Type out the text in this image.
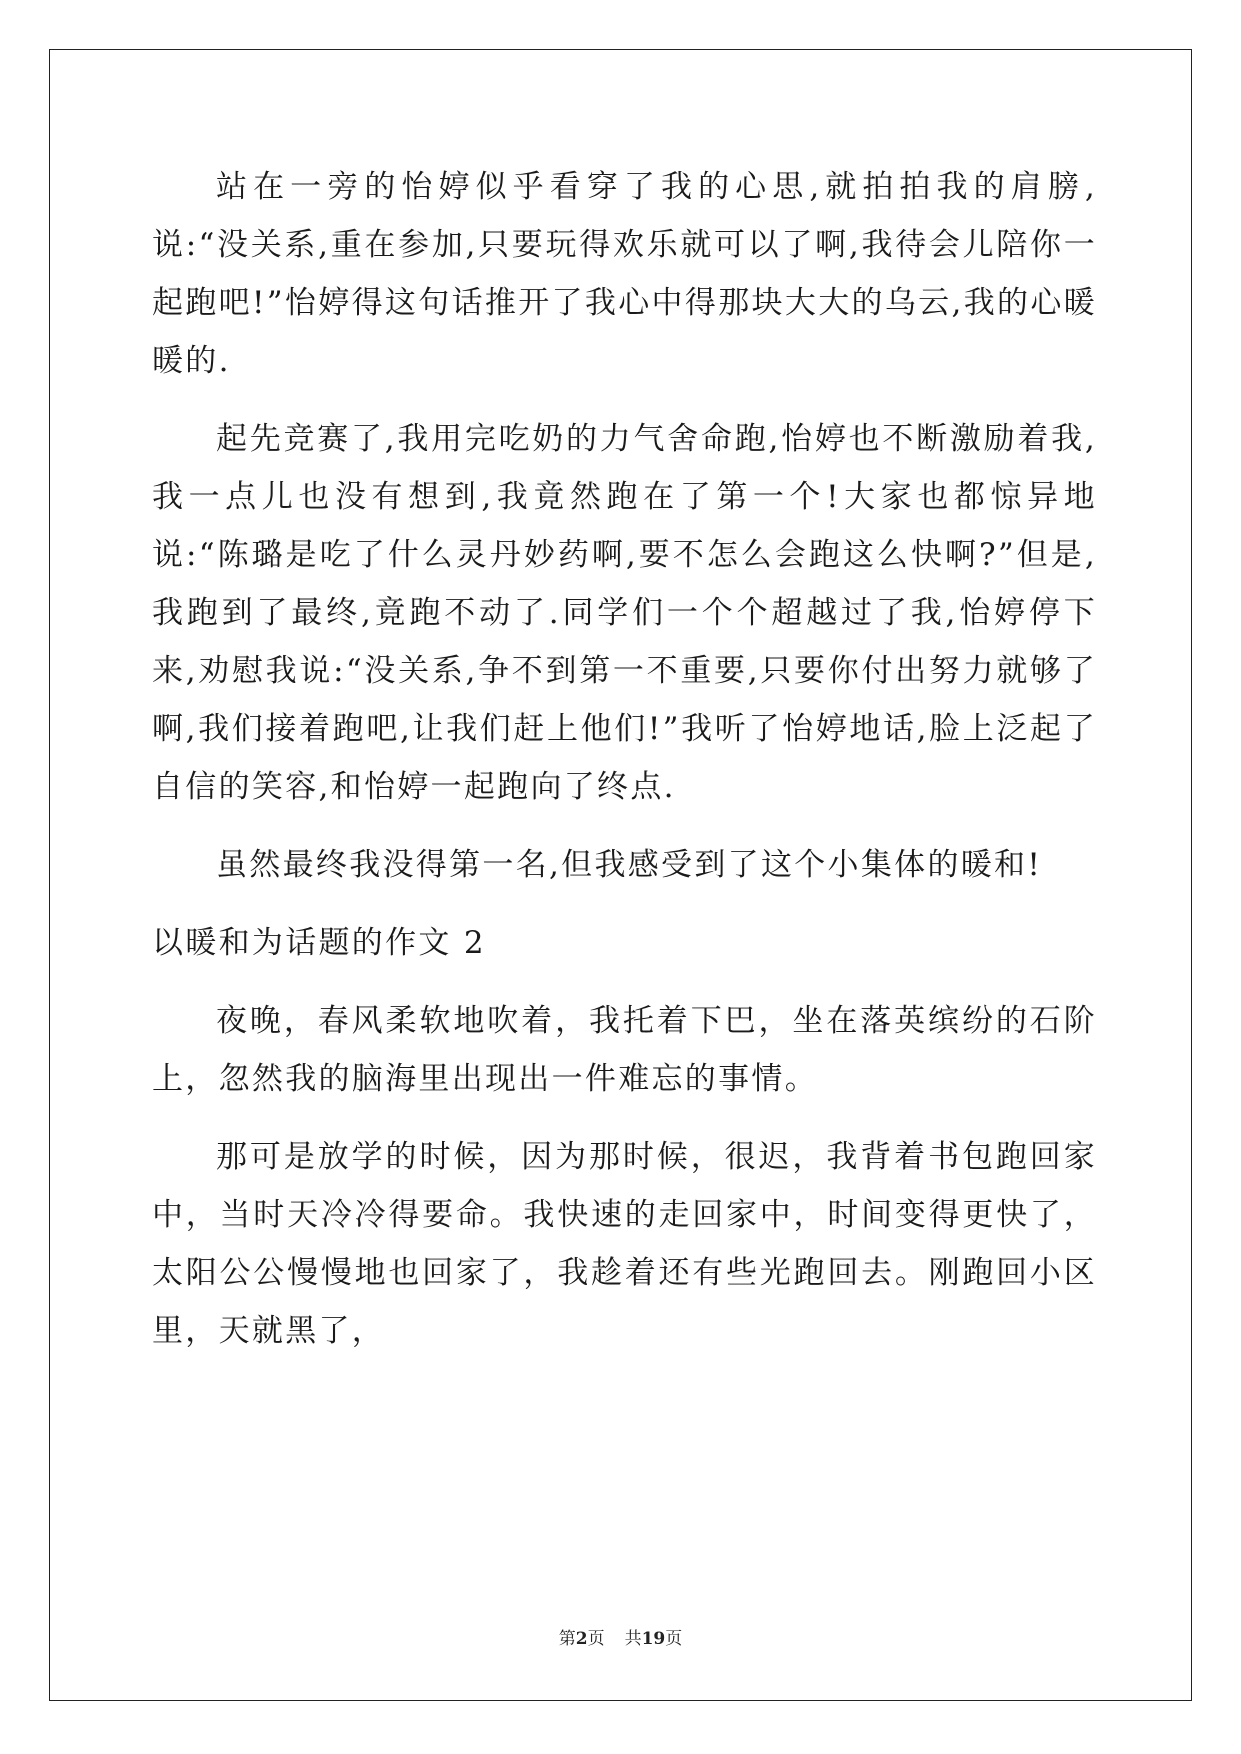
站在一旁的怡婷似乎看穿了我的心思,就拍拍我的肩膀,说:“没关系,重在参加,只要玩得欢乐就可以了啊,我待会儿陪你一起跑吧!”怡婷得这句话推开了我心中得那块大大的乌云,我的心暖暖的.

起先竞赛了,我用完吃奶的力气舍命跑,怡婷也不断激励着我,我一点儿也没有想到,我竟然跑在了第一个!大家也都惊异地说:“陈璐是吃了什么灵丹妙药啊,要不怎么会跑这么快啊?”但是,我跑到了最终,竟跑不动了.同学们一个个超越过了我,怡婷停下来,劝慰我说:“没关系,争不到第一不重要,只要你付出努力就够了啊,我们接着跑吧,让我们赶上他们!”我听了怡婷地话,脸上泛起了自信的笑容,和怡婷一起跑向了终点.

虽然最终我没得第一名,但我感受到了这个小集体的暖和!

以暖和为话题的作文 2

夜晚，春风柔软地吹着，我托着下巴，坐在落英缤纷的石阶上，忽然我的脑海里出现出一件难忘的事情。

那可是放学的时候，因为那时候，很迟，我背着书包跑回家中，当时天冷冷得要命。我快速的走回家中，时间变得更快了，太阳公公慢慢地也回家了，我趁着还有些光跑回去。刚跑回小区里，天就黑了，

第2页 共19页
